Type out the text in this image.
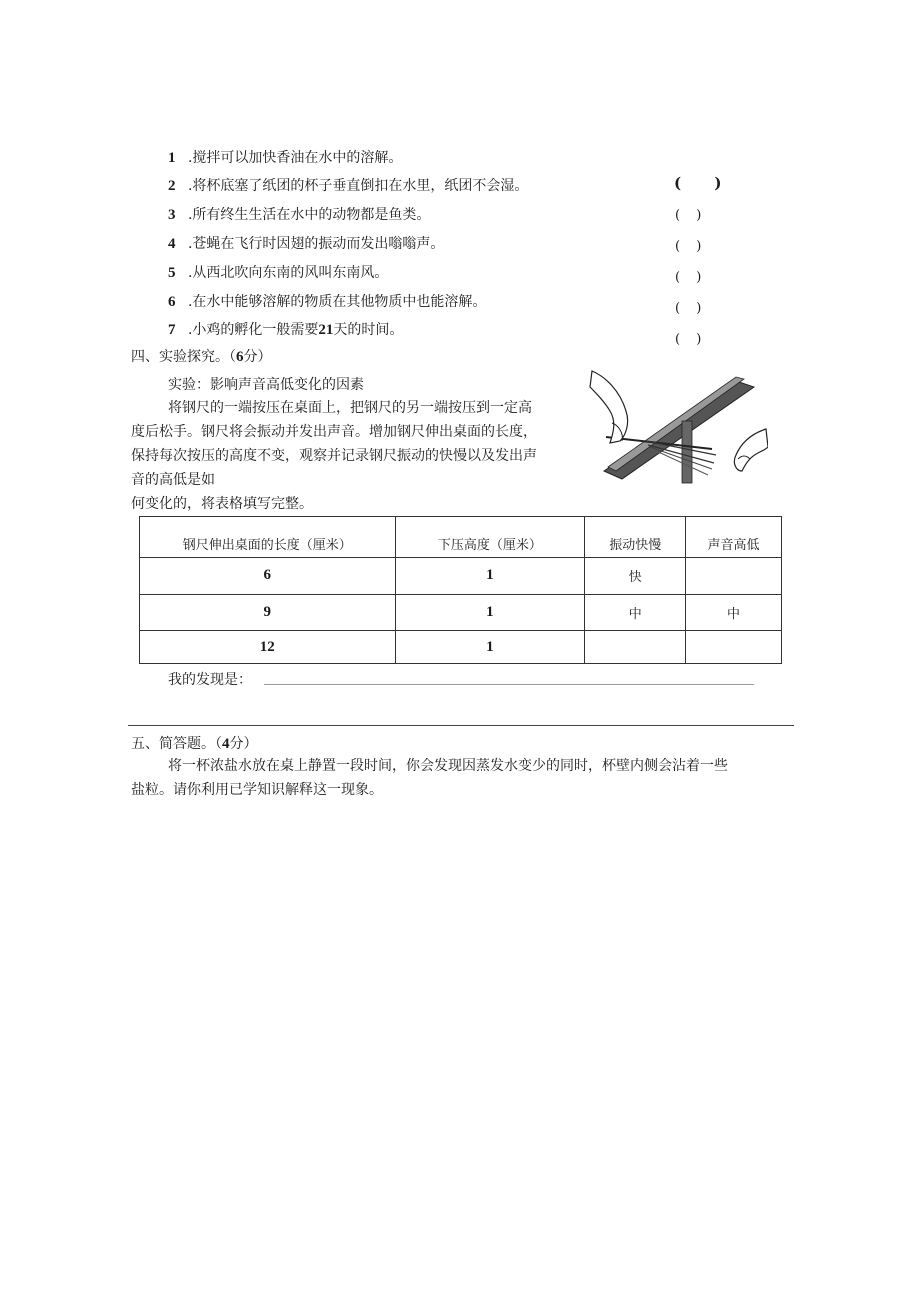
1 .搅拌可以加快香油在水中的溶解。
2 .将杯底塞了纸团的杯子垂直倒扣在水里，纸团不会湿。
3 .所有终生生活在水中的动物都是鱼类。
4 .苍蝇在飞行时因翅的振动而发出嗡嗡声。
5 .从西北吹向东南的风叫东南风。
6 .在水中能够溶解的物质在其他物质中也能溶解。
7 .小鸡的孵化一般需要21天的时间。
( )
( )
( )
( )
( )
( )
四、实验探究。（6分）
实验：影响声音高低变化的因素
将钢尺的一端按压在桌面上，把钢尺的另一端按压到一定高
度后松手。钢尺将会振动并发出声音。增加钢尺伸出桌面的长度，
保持每次按压的高度不变，观察并记录钢尺振动的快慢以及发出声
音的高低是如
何变化的，将表格填写完整。
钢尺伸出桌面的长度（厘米）	下压高度（厘米）	振动快慢	声音高低
6	1	快	
9	1	中	中
12	1		
我的发现是：
五、简答题。（4分）
将一杯浓盐水放在桌上静置一段时间，你会发现因蒸发水变少的同时，杯壁内侧会沾着一些
盐粒。请你利用已学知识解释这一现象。
